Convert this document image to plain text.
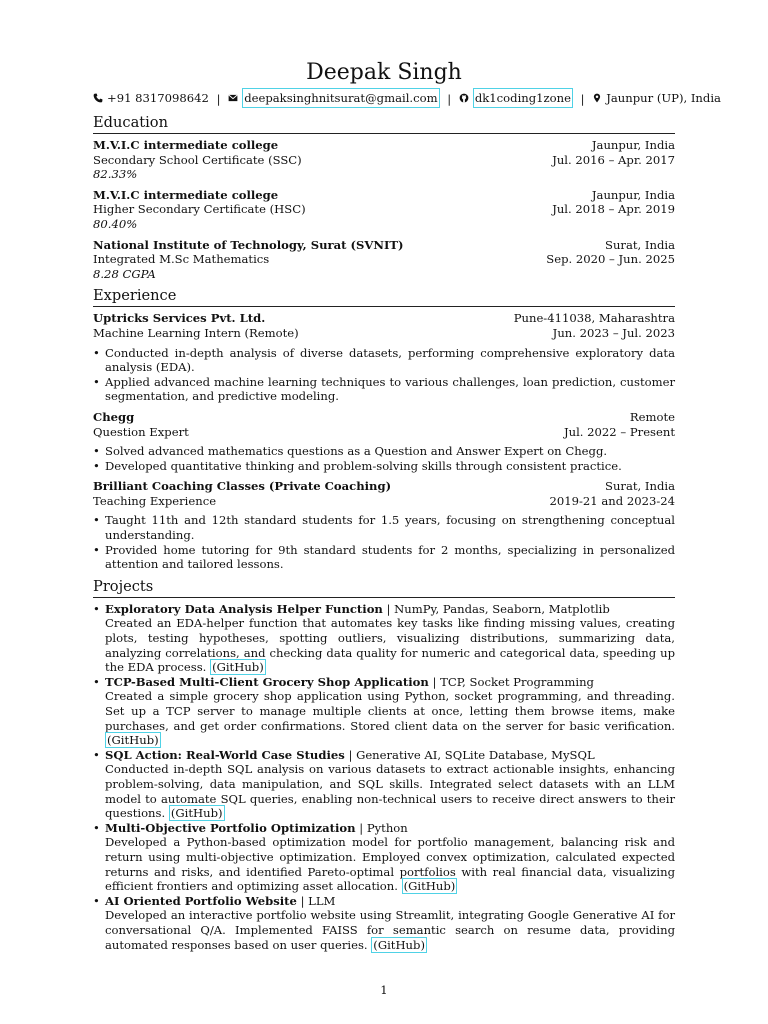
Deepak Singh
+91 8317098642 | deepaksinghnitsurat@gmail.com | dk1coding1zone | Jaunpur (UP), India
Education
M.V.I.C intermediate college	Jaunpur, India
Secondary School Certificate (SSC)	Jul. 2016 – Apr. 2017
82.33%
M.V.I.C intermediate college	Jaunpur, India
Higher Secondary Certificate (HSC)	Jul. 2018 – Apr. 2019
80.40%
National Institute of Technology, Surat (SVNIT)	Surat, India
Integrated M.Sc Mathematics	Sep. 2020 – Jun. 2025
8.28 CGPA
Experience
Uptricks Services Pvt. Ltd.	Pune-411038, Maharashtra
Machine Learning Intern (Remote)	Jun. 2023 – Jul. 2023
• Conducted in-depth analysis of diverse datasets, performing comprehensive exploratory data analysis (EDA).
• Applied advanced machine learning techniques to various challenges, loan prediction, customer segmentation, and predictive modeling.
Chegg	Remote
Question Expert	Jul. 2022 – Present
• Solved advanced mathematics questions as a Question and Answer Expert on Chegg.
• Developed quantitative thinking and problem-solving skills through consistent practice.
Brilliant Coaching Classes (Private Coaching)	Surat, India
Teaching Experience	2019-21 and 2023-24
• Taught 11th and 12th standard students for 1.5 years, focusing on strengthening conceptual understanding.
• Provided home tutoring for 9th standard students for 2 months, specializing in personalized attention and tailored lessons.
Projects
• Exploratory Data Analysis Helper Function | NumPy, Pandas, Seaborn, Matplotlib
Created an EDA-helper function that automates key tasks like finding missing values, creating plots, testing hypotheses, spotting outliers, visualizing distributions, summarizing data, analyzing correlations, and checking data quality for numeric and categorical data, speeding up the EDA process. (GitHub)
• TCP-Based Multi-Client Grocery Shop Application | TCP, Socket Programming
Created a simple grocery shop application using Python, socket programming, and threading. Set up a TCP server to manage multiple clients at once, letting them browse items, make purchases, and get order confirmations. Stored client data on the server for basic verification. (GitHub)
• SQL Action: Real-World Case Studies | Generative AI, SQLite Database, MySQL
Conducted in-depth SQL analysis on various datasets to extract actionable insights, enhancing problem-solving, data manipulation, and SQL skills. Integrated select datasets with an LLM model to automate SQL queries, enabling non-technical users to receive direct answers to their questions. (GitHub)
• Multi-Objective Portfolio Optimization | Python
Developed a Python-based optimization model for portfolio management, balancing risk and return using multi-objective optimization. Employed convex optimization, calculated expected returns and risks, and identified Pareto-optimal portfolios with real financial data, visualizing efficient frontiers and optimizing asset allocation. (GitHub)
• AI Oriented Portfolio Website | LLM
Developed an interactive portfolio website using Streamlit, integrating Google Generative AI for conversational Q/A. Implemented FAISS for semantic search on resume data, providing automated responses based on user queries. (GitHub)
1
